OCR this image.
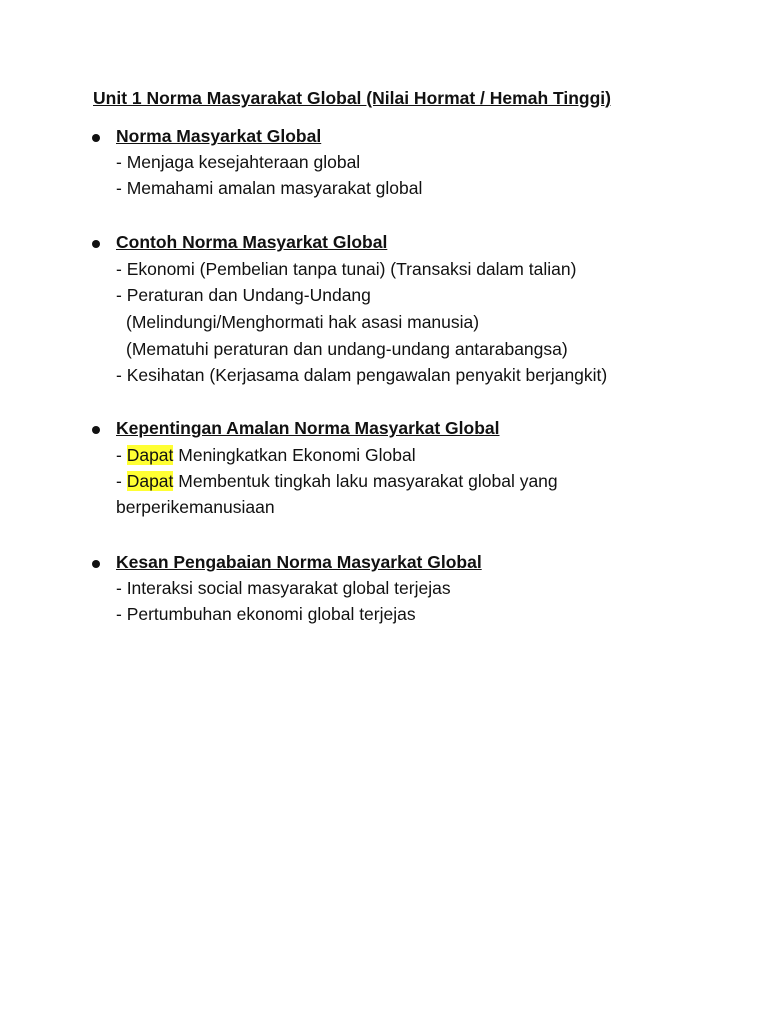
Unit 1 Norma Masyarakat Global (Nilai Hormat / Hemah Tinggi)
Norma Masyarkat Global
- Menjaga kesejahteraan global
- Memahami amalan masyarakat global
Contoh Norma Masyarkat Global
- Ekonomi (Pembelian tanpa tunai) (Transaksi dalam talian)
- Peraturan dan Undang-Undang
(Melindungi/Menghormati hak asasi manusia)
(Mematuhi peraturan dan undang-undang antarabangsa)
- Kesihatan (Kerjasama dalam pengawalan penyakit berjangkit)
Kepentingan Amalan Norma Masyarkat Global
- Dapat Meningkatkan Ekonomi Global
- Dapat Membentuk tingkah laku masyarakat global yang
berperikemanusiaan
Kesan Pengabaian Norma Masyarkat Global
- Interaksi social masyarakat global terjejas
- Pertumbuhan ekonomi global terjejas
